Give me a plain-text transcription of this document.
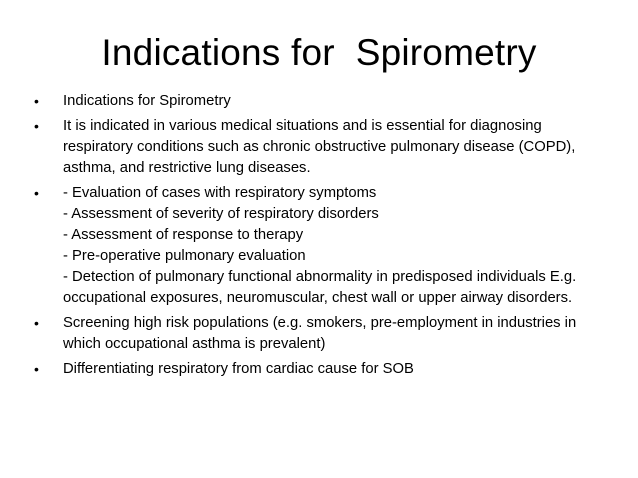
Indications for  Spirometry
• Indications for Spirometry
• It is indicated in various medical situations and is essential for diagnosing respiratory conditions such as chronic obstructive pulmonary disease (COPD), asthma, and restrictive lung diseases.
• - Evaluation of cases with respiratory symptoms
- Assessment of severity of respiratory disorders
- Assessment of response to therapy
- Pre-operative pulmonary evaluation
- Detection of pulmonary functional abnormality in predisposed individuals E.g. occupational exposures, neuromuscular, chest wall or upper airway disorders.
• Screening high risk populations (e.g. smokers, pre-employment in industries in which occupational asthma is prevalent)
• Differentiating respiratory from cardiac cause for SOB
